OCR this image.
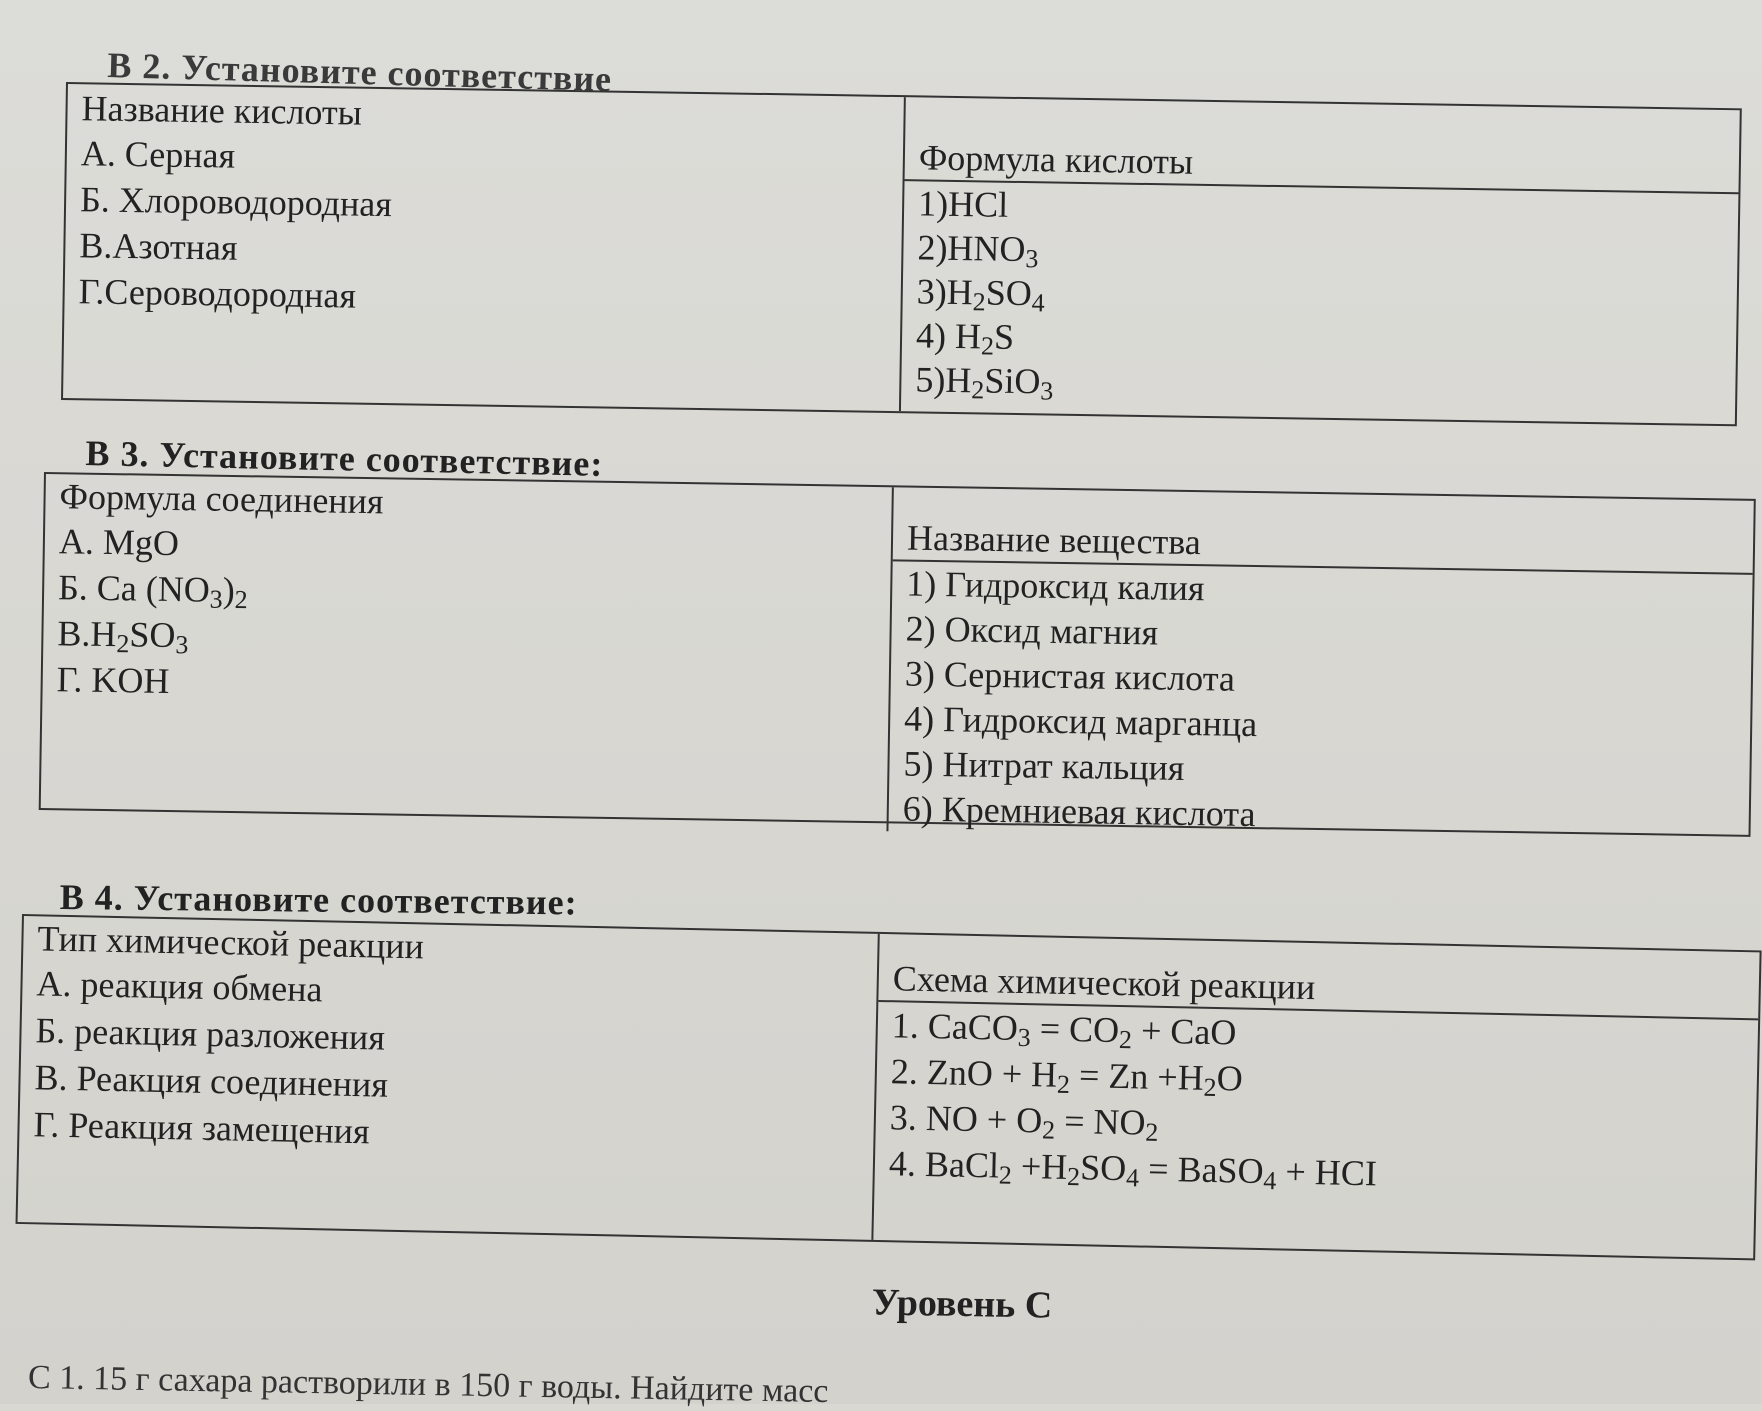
В 2. Установите соответствие
Название кислоты
А. Серная
Б. Хлороводородная
В.Азотная
Г.Сероводородная
Формула кислоты
1)HCl
$2)HNO_3$
$3)H_2SO_4$
4) $H_2S$
$5)H_2SiO_3$
В 3. Установите соответствие:
Формула соединения
А. MgO
Б. Ca $(NO_3)_2$
$В.H_2SO_3$
Г. KOH
Название вещества
1) Гидроксид калия
2) Оксид магния
3) Сернистая кислота
4) Гидроксид марганца
5) Нитрат кальция
6) Кремниевая кислота
В 4. Установите соответствие:
Тип химической реакции
А. реакция обмена
Б. реакция разложения
В. Реакция соединения
Г. Реакция замещения
Схема химической реакции
1. CaCO$_3$ = $CO_2$ + CaO
2. ZnO + $H_2 = Zn +H_2O$
3. NO + $O_2 = NO_2$
4. BaCl$_2$ $+H_2SO_4$ = BaSO$_4$ + HCI
Уровень С
С 1. 15 г сахара растворили в 150 г воды. Найдите масс
